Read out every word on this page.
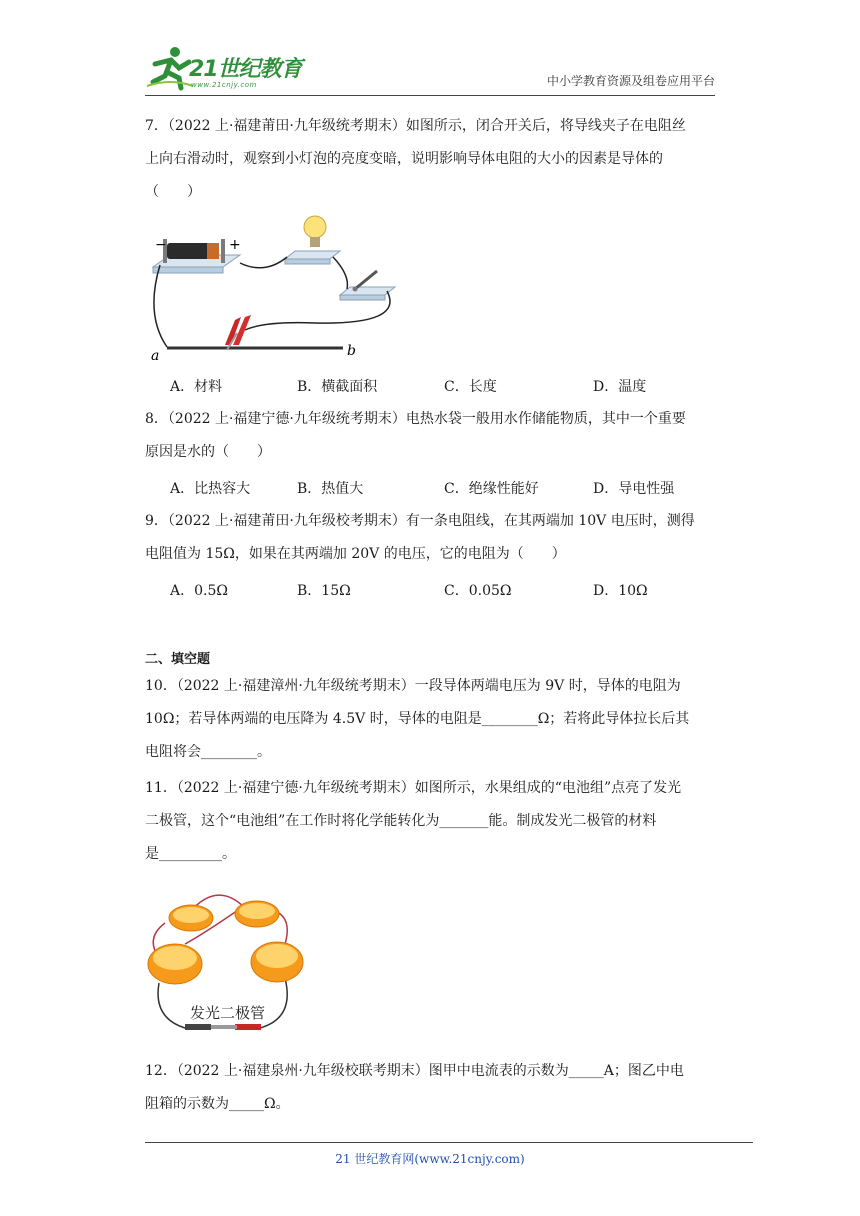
21世纪教育
www.21cnjy.com	中小学教育资源及组卷应用平台
7．（2022 上·福建莆田·九年级统考期末）如图所示，闭合开关后，将导线夹子在电阻丝
上向右滑动时，观察到小灯泡的亮度变暗，说明影响导体电阻的大小的因素是导体的
（　　）
−	+
a	b
A．材料	B．横截面积	C．长度	D．温度
8．（2022 上·福建宁德·九年级统考期末）电热水袋一般用水作储能物质，其中一个重要
原因是水的（　　）
A．比热容大	B．热值大	C．绝缘性能好	D．导电性强
9．（2022 上·福建莆田·九年级校考期末）有一条电阻线，在其两端加 10V 电压时，测得
电阻值为 15Ω，如果在其两端加 20V 的电压，它的电阻为（　　）
A．0.5Ω	B．15Ω	C．0.05Ω	D．10Ω
二、填空题
10．（2022 上·福建漳州·九年级统考期末）一段导体两端电压为 9V 时，导体的电阻为
10Ω；若导体两端的电压降为 4.5V 时，导体的电阻是________Ω；若将此导体拉长后其
电阻将会________。
11．（2022 上·福建宁德·九年级统考期末）如图所示，水果组成的“电池组”点亮了发光
二极管，这个“电池组”在工作时将化学能转化为_______能。制成发光二极管的材料
是_________。
发光二极管
12．（2022 上·福建泉州·九年级校联考期末）图甲中电流表的示数为_____A；图乙中电
阻箱的示数为_____Ω。
21 世纪教育网(www.21cnjy.com)
